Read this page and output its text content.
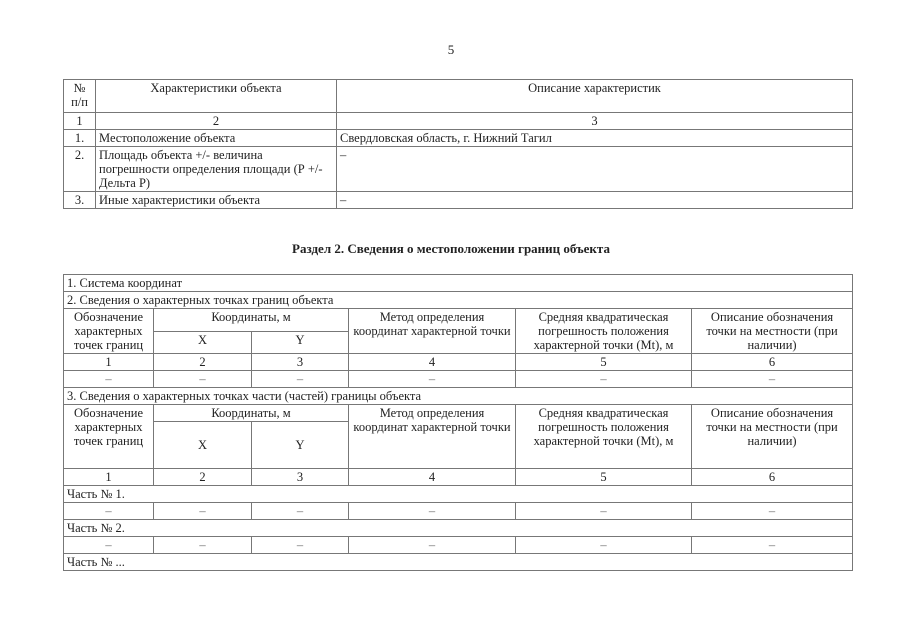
5
№ п/п	Характеристики объекта	Описание характеристик
1	2	3
1.	Местоположение объекта	Свердловская область, г. Нижний Тагил
2.	Площадь объекта +/- величина погрешности определения площади (Р +/- Дельта Р)	–
3.	Иные характеристики объекта	–
Раздел 2. Сведения о местоположении границ объекта
1. Система координат					
2. Сведения о характерных точках границ объекта					
Обозначение характерных точек границ	Координаты, м		Метод определения координат характерной точки	Средняя квадратическая погрешность положения характерной точки (Mt), м	Описание обозначения точки на местности (при наличии)
	X	Y			
1	2	3	4	5	6
–	–	–	–	–	–
3. Сведения о характерных точках части (частей) границы объекта					
Обозначение характерных точек границ	Координаты, м		Метод определения координат характерной точки	Средняя квадратическая погрешность положения характерной точки (Mt), м	Описание обозначения точки на местности (при наличии)
	X	Y			
1	2	3	4	5	6
Часть № 1.					
–	–	–	–	–	–
Часть № 2.					
–	–	–	–	–	–
Часть № ...					
